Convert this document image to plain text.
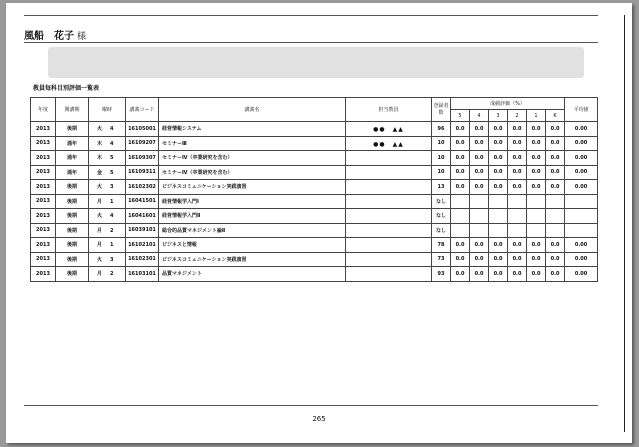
風船　花子 様
教員毎科目別評価一覧表
年度	開講期	曜時	講義コード	講義名	担当教員	登録者数	成績評価（%）						平均値
							5	4	3	2	1	K	
2013	後期	火 4	16105001	経営情報システム	●●　▲▲	96	0.0	0.0	0.0	0.0	0.0	0.0	0.00
2013	通年	木 4	16109207	セミナーⅢ	●●　▲▲	10	0.0	0.0	0.0	0.0	0.0	0.0	0.00
2013	通年	木 5	16109307	セミナーⅣ（卒業研究を含む）		10	0.0	0.0	0.0	0.0	0.0	0.0	0.00
2013	通年	金 5	16109311	セミナーⅣ（卒業研究を含む）		10	0.0	0.0	0.0	0.0	0.0	0.0	0.00
2013	後期	火 3	16102302	ビジネスコミュニケーション実践演習		13	0.0	0.0	0.0	0.0	0.0	0.0	0.00
2013	後期	月 1	16041501	経営情報学入門Ⅰ		なし							
2013	後期	火 4	16041601	経営情報学入門Ⅱ		なし							
2013	後期	月 2	16039101	総合的品質マネジメント論Ⅱ		なし							
2013	後期	月 1	16102101	ビジネスと情報		78	0.0	0.0	0.0	0.0	0.0	0.0	0.00
2013	後期	火 3	16102301	ビジネスコミュニケーション実践演習		73	0.0	0.0	0.0	0.0	0.0	0.0	0.00
2013	後期	月 2	16103101	品質マネジメント		93	0.0	0.0	0.0	0.0	0.0	0.0	0.00
265
